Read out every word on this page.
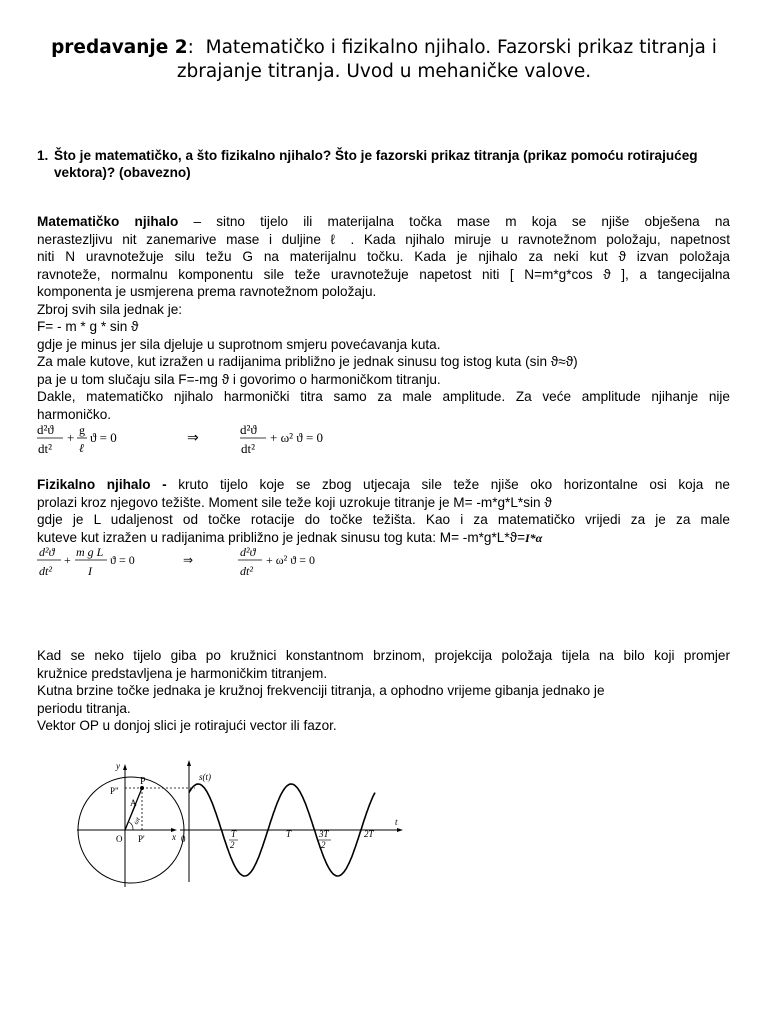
predavanje 2: Matematičko i fizikalno njihalo. Fazorski prikaz titranja i
zbrajanje titranja. Uvod u mehaničke valove.
1. Što je matematičko, a što fizikalno njihalo? Što je fazorski prikaz titranja (prikaz pomoću rotirajućeg vektora)? (obavezno)
Matematičko njihalo – sitno tijelo ili materijalna točka mase m koja se njiše obješena na
nerastezljivu nit zanemarive mase i duljine ℓ . Kada njihalo miruje u ravnotežnom položaju, napetnost
niti N uravnotežuje silu težu G na materijalnu točku. Kada je njihalo za neki kut ϑ izvan položaja
ravnoteže, normalnu komponentu sile teže uravnotežuje napetost niti [ N=m*g*cos ϑ ], a tangecijalna
komponenta je usmjerena prema ravnotežnom položaju.
Zbroj svih sila jednak je:
F= - m * g * sin ϑ
gdje je minus jer sila djeluje u suprotnom smjeru povećavanja kuta.
Za male kutove, kut izražen u radijanima približno je jednak sinusu tog istog kuta (sin ϑ≈ϑ)
pa je u tom slučaju sila F=-mg ϑ i govorimo o harmoničkom titranju.
Dakle, matematičko njihalo harmonički titra samo za male amplitude. Za veće amplitude njihanje nije
harmoničko.
d²ϑ
dt²
+ g
ℓ
ϑ = 0	⇒
d²ϑ
dt²
+ ω² ϑ = 0
Fizikalno njihalo - kruto tijelo koje se zbog utjecaja sile teže njiše oko horizontalne osi koja ne
prolazi kroz njegovo težište. Moment sile teže koji uzrokuje titranje je M= -m*g*L*sin ϑ
gdje je L udaljenost od točke rotacije do točke težišta. Kao i za matematičko vrijedi za je za male
kuteve kut izražen u radijanima približno je jednak sinusu tog kuta: M= -m*g*L*ϑ=I*α
d²ϑ
dt²
+
m g L
I
ϑ = 0	⇒
d²ϑ
dt²
+ ω² ϑ = 0
Kad se neko tijelo giba po kružnici konstantnom brzinom, projekcija položaja tijela na bilo koji promjer
kružnice predstavljena je harmoničkim titranjem.
Kutna brzine točke jednaka je kružnoj frekvenciji titranja, a ophodno vrijeme gibanja jednako je
periodu titranja.
Vektor OP u donjoj slici je rotirajući vector ili fazor.
y
x
P
P"
P'
A
O
ωt
s(t)
t
0	T
2
T	3T
2
2T
